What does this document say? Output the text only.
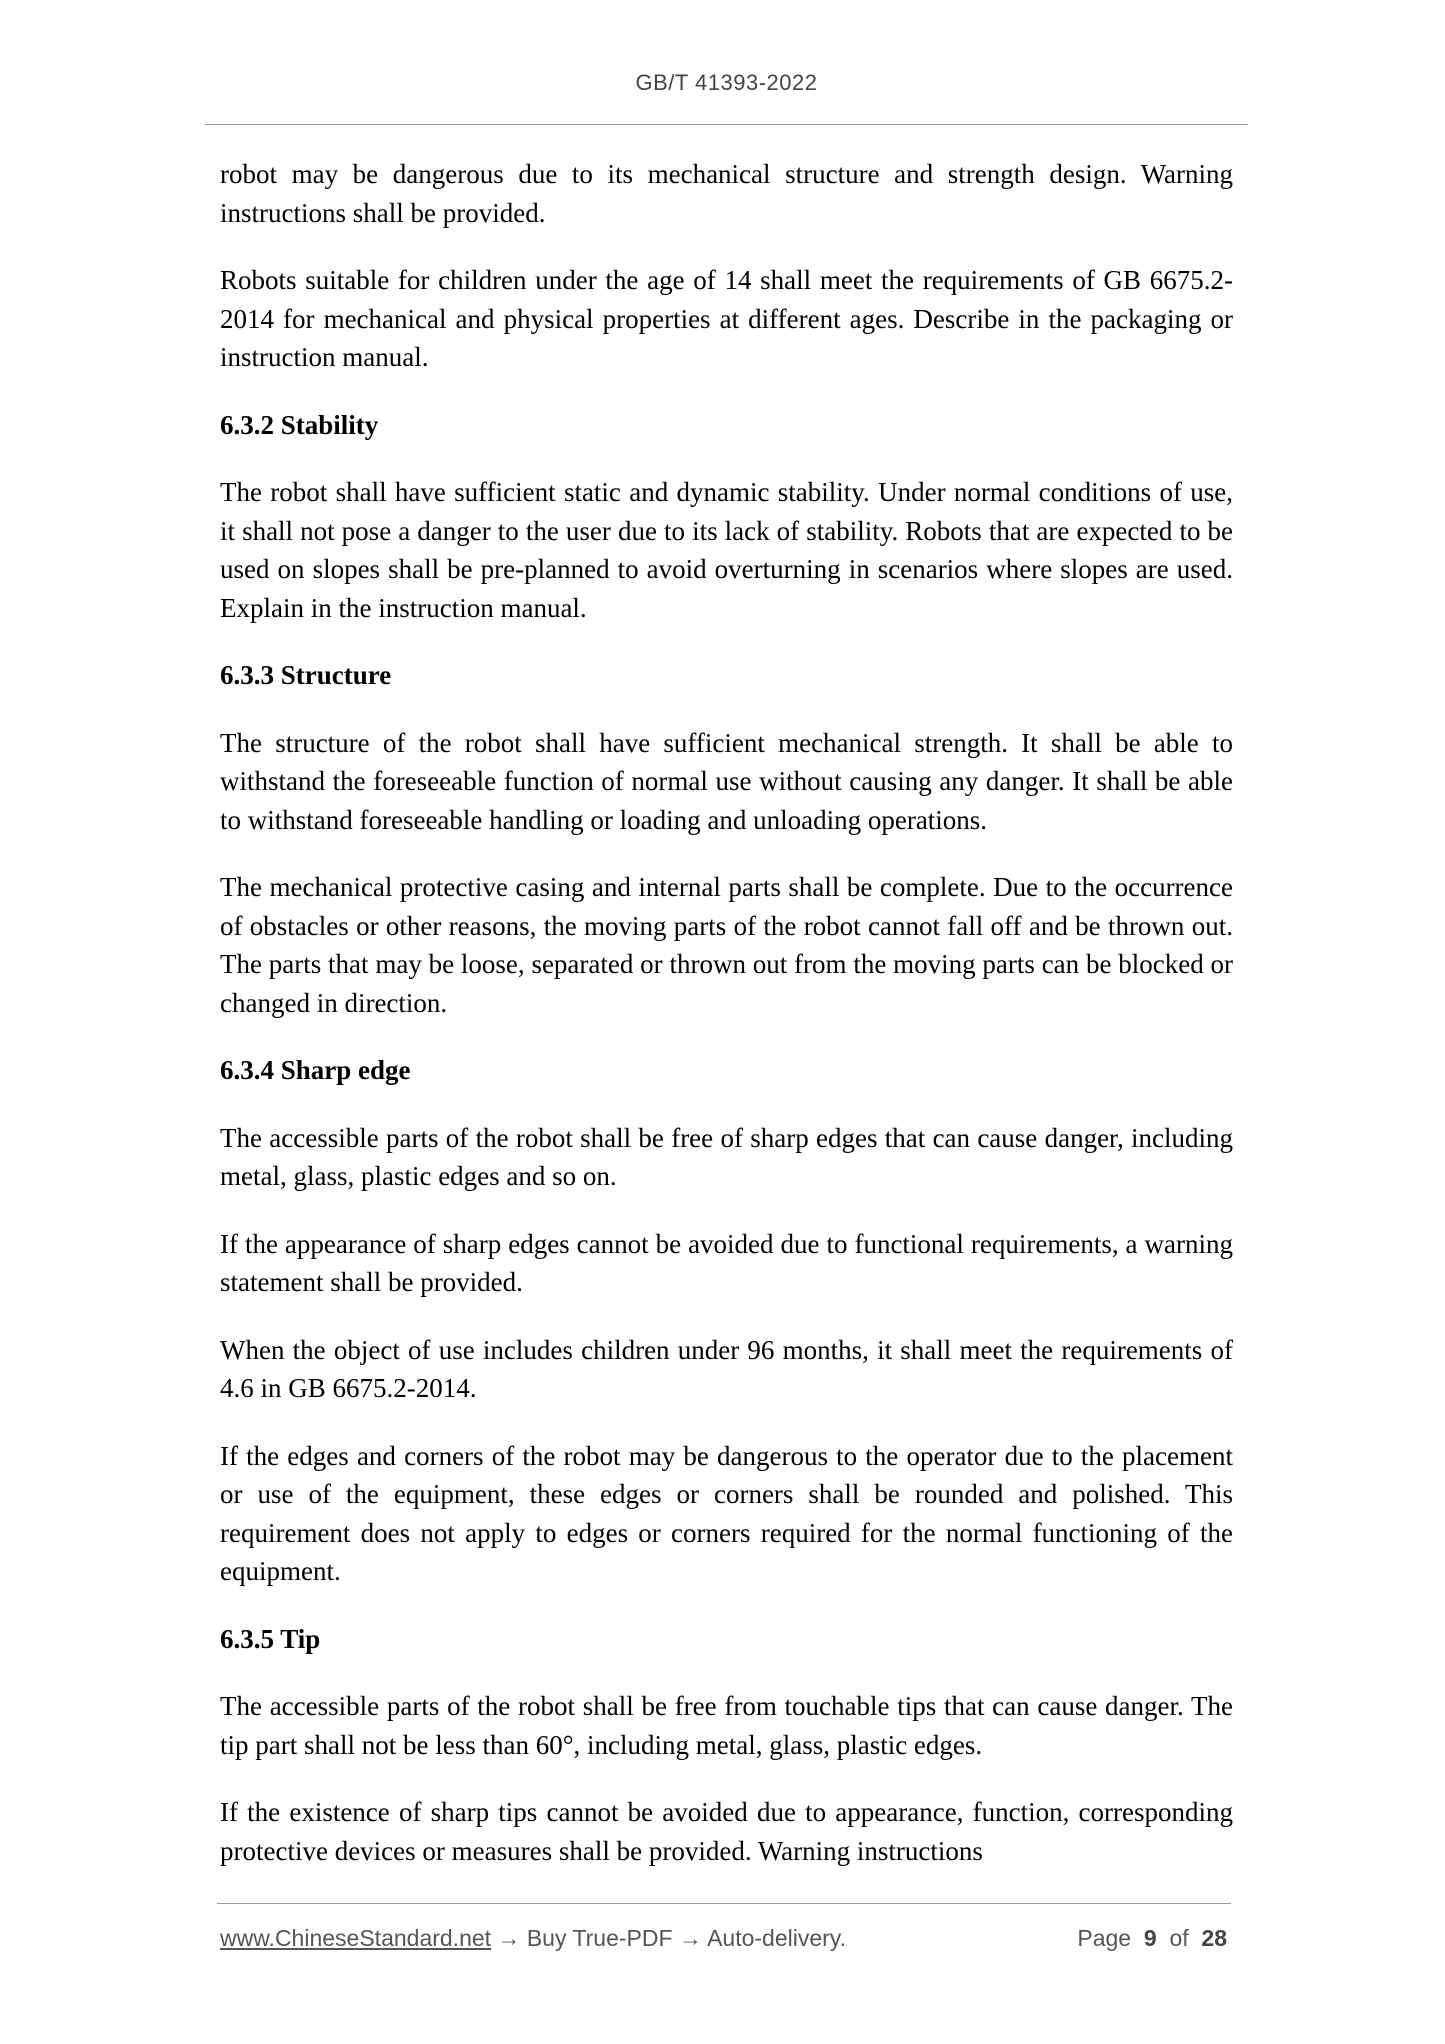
GB/T 41393-2022

robot may be dangerous due to its mechanical structure and strength design. Warning instructions shall be provided.

Robots suitable for children under the age of 14 shall meet the requirements of GB 6675.2-2014 for mechanical and physical properties at different ages. Describe in the packaging or instruction manual.

6.3.2 Stability

The robot shall have sufficient static and dynamic stability. Under normal conditions of use, it shall not pose a danger to the user due to its lack of stability. Robots that are expected to be used on slopes shall be pre-planned to avoid overturning in scenarios where slopes are used. Explain in the instruction manual.

6.3.3 Structure

The structure of the robot shall have sufficient mechanical strength. It shall be able to withstand the foreseeable function of normal use without causing any danger. It shall be able to withstand foreseeable handling or loading and unloading operations.

The mechanical protective casing and internal parts shall be complete. Due to the occurrence of obstacles or other reasons, the moving parts of the robot cannot fall off and be thrown out. The parts that may be loose, separated or thrown out from the moving parts can be blocked or changed in direction.

6.3.4 Sharp edge

The accessible parts of the robot shall be free of sharp edges that can cause danger, including metal, glass, plastic edges and so on.

If the appearance of sharp edges cannot be avoided due to functional requirements, a warning statement shall be provided.

When the object of use includes children under 96 months, it shall meet the requirements of 4.6 in GB 6675.2-2014.

If the edges and corners of the robot may be dangerous to the operator due to the placement or use of the equipment, these edges or corners shall be rounded and polished. This requirement does not apply to edges or corners required for the normal functioning of the equipment.

6.3.5 Tip

The accessible parts of the robot shall be free from touchable tips that can cause danger. The tip part shall not be less than 60°, including metal, glass, plastic edges.

If the existence of sharp tips cannot be avoided due to appearance, function, corresponding protective devices or measures shall be provided. Warning instructions

www.ChineseStandard.net → Buy True-PDF → Auto-delivery.	Page 9 of 28
